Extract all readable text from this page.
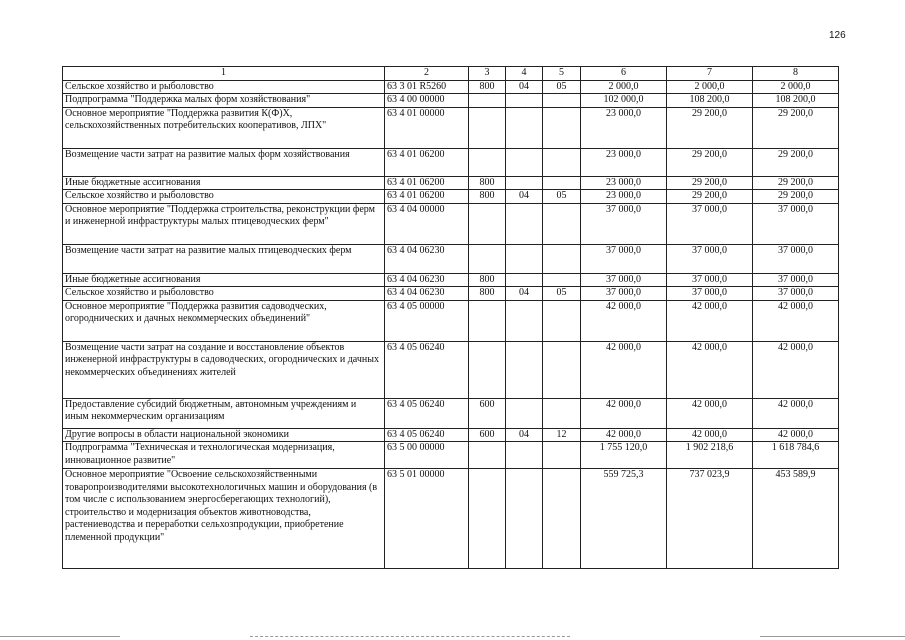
126
1	2	3	4	5	6	7	8
Сельское хозяйство и рыболовство	63 3 01 R5260	800	04	05	2 000,0	2 000,0	2 000,0
Подпрограмма "Поддержка малых форм хозяйствования"	63 4 00 00000				102 000,0	108 200,0	108 200,0
Основное мероприятие "Поддержка развития К(Ф)Х, сельскохозяйственных потребительских кооперативов, ЛПХ"	63 4 01 00000				23 000,0	29 200,0	29 200,0
Возмещение части затрат на развитие малых форм хозяйствования	63 4 01 06200				23 000,0	29 200,0	29 200,0
Иные бюджетные ассигнования	63 4 01 06200	800			23 000,0	29 200,0	29 200,0
Сельское хозяйство и рыболовство	63 4 01 06200	800	04	05	23 000,0	29 200,0	29 200,0
Основное мероприятие "Поддержка строительства, реконструкции ферм и инженерной инфраструктуры малых птицеводческих ферм"	63 4 04 00000				37 000,0	37 000,0	37 000,0
Возмещение части затрат на развитие малых птицеводческих ферм	63 4 04 06230				37 000,0	37 000,0	37 000,0
Иные бюджетные ассигнования	63 4 04 06230	800			37 000,0	37 000,0	37 000,0
Сельское хозяйство и рыболовство	63 4 04 06230	800	04	05	37 000,0	37 000,0	37 000,0
Основное мероприятие "Поддержка развития садоводческих, огороднических и дачных некоммерческих объединений"	63 4 05 00000				42 000,0	42 000,0	42 000,0
Возмещение части затрат на создание и восстановление объектов инженерной инфраструктуры в садоводческих, огороднических и дачных некоммерческих объединениях жителей	63 4 05 06240				42 000,0	42 000,0	42 000,0
Предоставление субсидий бюджетным, автономным учреждениям и иным некоммерческим организациям	63 4 05 06240	600			42 000,0	42 000,0	42 000,0
Другие вопросы в области национальной экономики	63 4 05 06240	600	04	12	42 000,0	42 000,0	42 000,0
Подпрограмма "Техническая и технологическая модернизация, инновационное развитие"	63 5 00 00000				1 755 120,0	1 902 218,6	1 618 784,6
Основное мероприятие "Освоение сельскохозяйственными товаропроизводителями высокотехнологичных машин и оборудования (в том числе с использованием энергосберегающих технологий), строительство и модернизация объектов животноводства, растениеводства и переработки сельхозпродукции, приобретение племенной продукции"	63 5 01 00000				559 725,3	737 023,9	453 589,9
